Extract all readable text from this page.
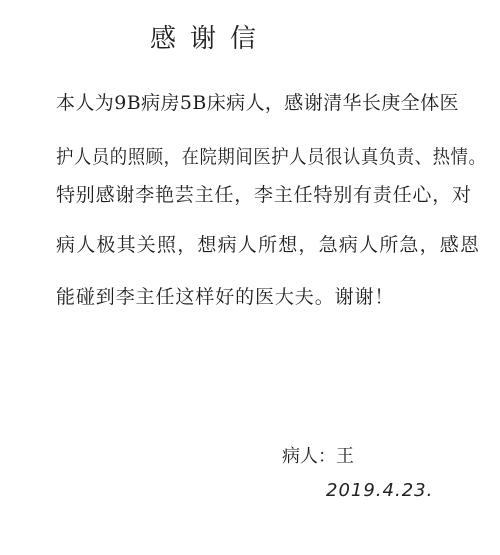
感谢信
本人为9B病房5B床病人，感谢清华长庚全体医
护人员的照顾，在院期间医护人员很认真负责、热情。
特别感谢李艳芸主任，李主任特别有责任心，对
病人极其关照，想病人所想，急病人所急，感恩
能碰到李主任这样好的医大夫。谢谢！
病人：王
2019.4.23.
